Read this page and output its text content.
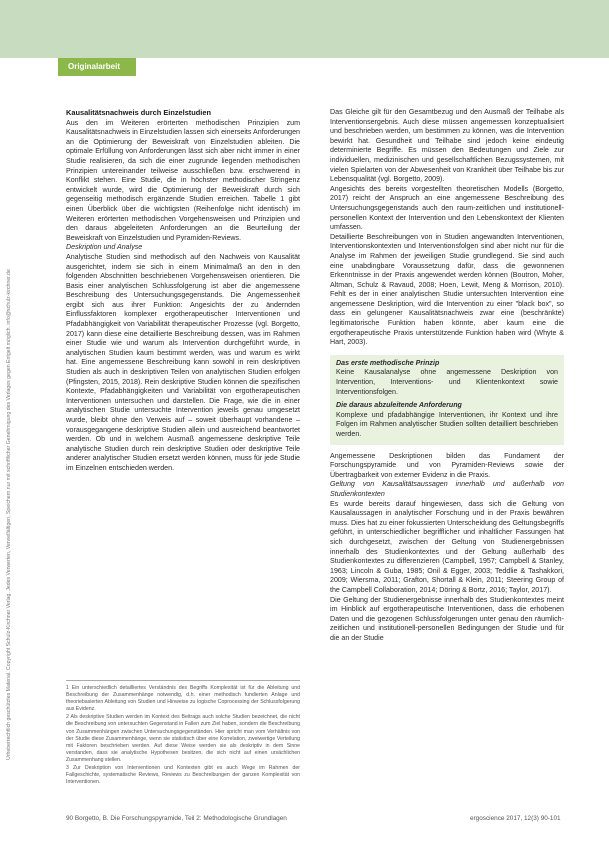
Originalarbeit
Urheberrechtlich geschütztes Material. Copyright Schulz-Kirchner Verlag. Jedes Verwerten, Vervielfältigen, Speichern nur mit schriftlicher Genehmigung des Verlages gegen Entgelt möglich. info@schulz-kirchner.de
Kausalitätsnachweis durch Einzelstudien

Aus den im Weiteren erörterten methodischen Prinzipien zum Kausalitätsnachweis in Einzelstudien lassen sich einerseits Anforderungen an die Optimierung der Beweiskraft von Einzelstudien ableiten. Die optimale Erfüllung von Anforderungen lässt sich aber nicht immer in einer Studie realisieren, da sich die einer zugrunde liegenden methodischen Prinzipien untereinander teilweise ausschließen bzw. erschwerend in Konflikt stehen. Eine Studie, die in höchster methodischer Stringenz entwickelt wurde, wird die Optimierung der Beweiskraft durch sich gegenseitig methodisch ergänzende Studien erreichen. Tabelle 1 gibt einen Überblick über die wichtigsten (Reihenfolge nicht identisch) im Weiteren erörterten methodischen Vorgehensweisen und Prinzipien und den daraus abgeleiteten Anforderungen an die Beurteilung der Beweiskraft von Einzelstudien und Pyramiden-Reviews.

Deskription und Analyse

Analytische Studien sind methodisch auf den Nachweis von Kausalität ausgerichtet, indem sie sich in einem Minimalmaß an den in den folgenden Abschnitten beschriebenen Vorgehensweisen orientieren. Die Basis einer analytischen Schlussfolgerung ist aber die angemessene Beschreibung des Untersuchungsgegenstands. Die Angemessenheit ergibt sich aus ihrer Funktion: Angesichts der zu ändernden Einflussfaktoren komplexer ergotherapeutischer Interventionen und Pfadabhängigkeit von Variabilität therapeutischer Prozesse (vgl. Borgetto, 2017) kann diese eine detaillierte Beschreibung dessen, was im Rahmen einer Studie wie und warum als Intervention durchgeführt wurde, in analytischen Studien kaum bestimmt werden, was und warum es wirkt hat. Eine angemessene Beschreibung kann sowohl in rein deskriptiven Studien als auch in deskriptiven Teilen von analytischen Studien erfolgen (Pfingsten, 2015, 2018). Rein deskriptive Studien können die spezifischen Kontexte, Pfadabhängigkeiten und Variabilität von ergotherapeutischen Interventionen untersuchen und darstellen. Die Frage, wie die in einer analytischen Studie untersuchte Intervention jeweils genau umgesetzt wurde, bleibt ohne den Verweis auf – soweit überhaupt vorhandene – vorausgegangene deskriptive Studien allein und ausreichend beantwortet werden. Ob und in welchem Ausmaß angemessene deskriptive Teile analytische Studien durch rein deskriptive Studien oder deskriptive Teile anderer analytischer Studien ersetzt werden können, muss für jede Studie im Einzelnen entschieden werden.

1 Ein unterschiedlich detailliertes Verständnis des Begriffs Komplexität ist für die Ableitung und Beschreibung der Zusammenhänge notwendig, d.h. einer methodisch fundierten Anlage und theoriebasierten Ableitung von Studien und Hinweise zu logische Coprocessing der Schlussfolgerung aus Evidenz.

2 Als deskriptive Studien werden im Kontext des Beitrags auch solche Studien bezeichnet, die nicht die Beschreibung von untersuchten Gegenstand in Fallen zum Ziel haben, sondern die Beschreibung von Zusammenhängen zwischen Untersuchungsgegenständen. Hier spricht man vom Verhältnis von der Studie diese Zusammenhänge, wenn sie statistisch über eine Korrelation, zweiwertige Verteilung mit Faktoren beschrieben werden. Auf diese Weise werden sie als deskriptiv in dem Sinne verstanden, dass sie analytische Hypothesen besitzen, die sich nicht auf einen ursächlichen Zusammenhang stellen.

3 Zur Deskription von Interventionen und Kontexten gibt es auch Wege im Rahmen der Fallgeschichte, systematische Reviews, Reviews zu Beschreibungen der ganzen Komplexität von Interventionen.

Das Gleiche gilt für den Gesamtbezug und den Ausmaß der Teilhabe als Interventionsergebnis. Auch diese müssen angemessen konzeptualisiert und beschrieben werden, um bestimmen zu können, was die Intervention bewirkt hat. Gesundheit und Teilhabe sind jedoch keine eindeutig determinierte Begriffe. Es müssen den Bedeutungen und Ziele zur individuellen, medizinischen und gesellschaftlichen Bezugssystemen, mit vielen Spielarten von der Abwesenheit von Krankheit über Teilhabe bis zur Lebensqualität (vgl. Borgetto, 2009).

Angesichts des bereits vorgestellten theoretischen Modells (Borgetto, 2017) reicht der Anspruch an eine angemessene Beschreibung des Untersuchungsgegenstands auch den raum-zeitlichen und institutionell-personellen Kontext der Intervention und den Lebenskontext der Klienten umfassen.

Detaillierte Beschreibungen von in Studien angewandten Interventionen, Interventionskontexten und Interventionsfolgen sind aber nicht nur für die Analyse im Rahmen der jeweiligen Studie grundlegend. Sie sind auch eine unabdingbare Voraussetzung dafür, dass die gewonnenen Erkenntnisse in der Praxis angewendet werden können (Boutron, Moher, Altman, Schulz & Ravaud, 2008; Hoen, Lewit, Meng & Morrison, 2010). Fehlt es der in einer analytischen Studie untersuchten Intervention eine angemessene Deskription, wird die Intervention zu einer "black box", so dass ein gelungener Kausalitätsnachweis zwar eine (beschränkte) legitimatorische Funktion haben könnte, aber kaum eine die ergotherapeutische Praxis unterstützende Funktion haben wird (Whyte & Hart, 2003).

Das erste methodische Prinzip
Keine Kausalanalyse ohne angemessene Deskription von Intervention, Interventions- und Klientenkontext sowie Interventionsfolgen.
Die daraus abzuleitende Anforderung
Komplexe und pfadabhängige Interventionen, ihr Kontext und ihre Folgen im Rahmen analytischer Studien sollten detailliert beschrieben werden.

Angemessene Deskriptionen bilden das Fundament der Forschungspyramide und von Pyramiden-Reviews sowie der Übertragbarkeit von externer Evidenz in die Praxis.

Geltung von Kausalitätsaussagen innerhalb und außerhalb von Studienkontexten

Es wurde bereits darauf hingewiesen, dass sich die Geltung von Kausalaussagen in analytischer Forschung und in der Praxis bewähren muss. Dies hat zu einer fokussierten Unterscheidung des Geltungsbegriffs geführt, in unterschiedlicher begrifflicher und inhaltlicher Fassungen hat sich durchgesetzt, zwischen der Geltung von Studienergebnissen innerhalb des Studienkontextes und der Geltung außerhalb des Studienkontextes zu differenzieren (Campbell, 1957; Campbell & Stanley, 1963; Lincoln & Guba, 1985; Onil & Egger, 2003; Teddlie & Tashakkori, 2009; Wiersma, 2011; Grafton, Shortall & Klein, 2011; Steering Group of the Campbell Collaboration, 2014; Döring & Bortz, 2016; Taylor, 2017).

Die Geltung der Studienergebnisse innerhalb des Studienkontextes meint im Hinblick auf ergotherapeutische Interventionen, dass die erhobenen Daten und die gezogenen Schlussfolgerungen unter genau den räumlich-zeitlichen und institutionell-personellen Bedingungen der Studie und für die an der Studie

90 Borgetto, B. Die Forschungspyramide, Teil 2: Methodologische Grundlagen	ergoscience 2017, 12(3) 90-101
